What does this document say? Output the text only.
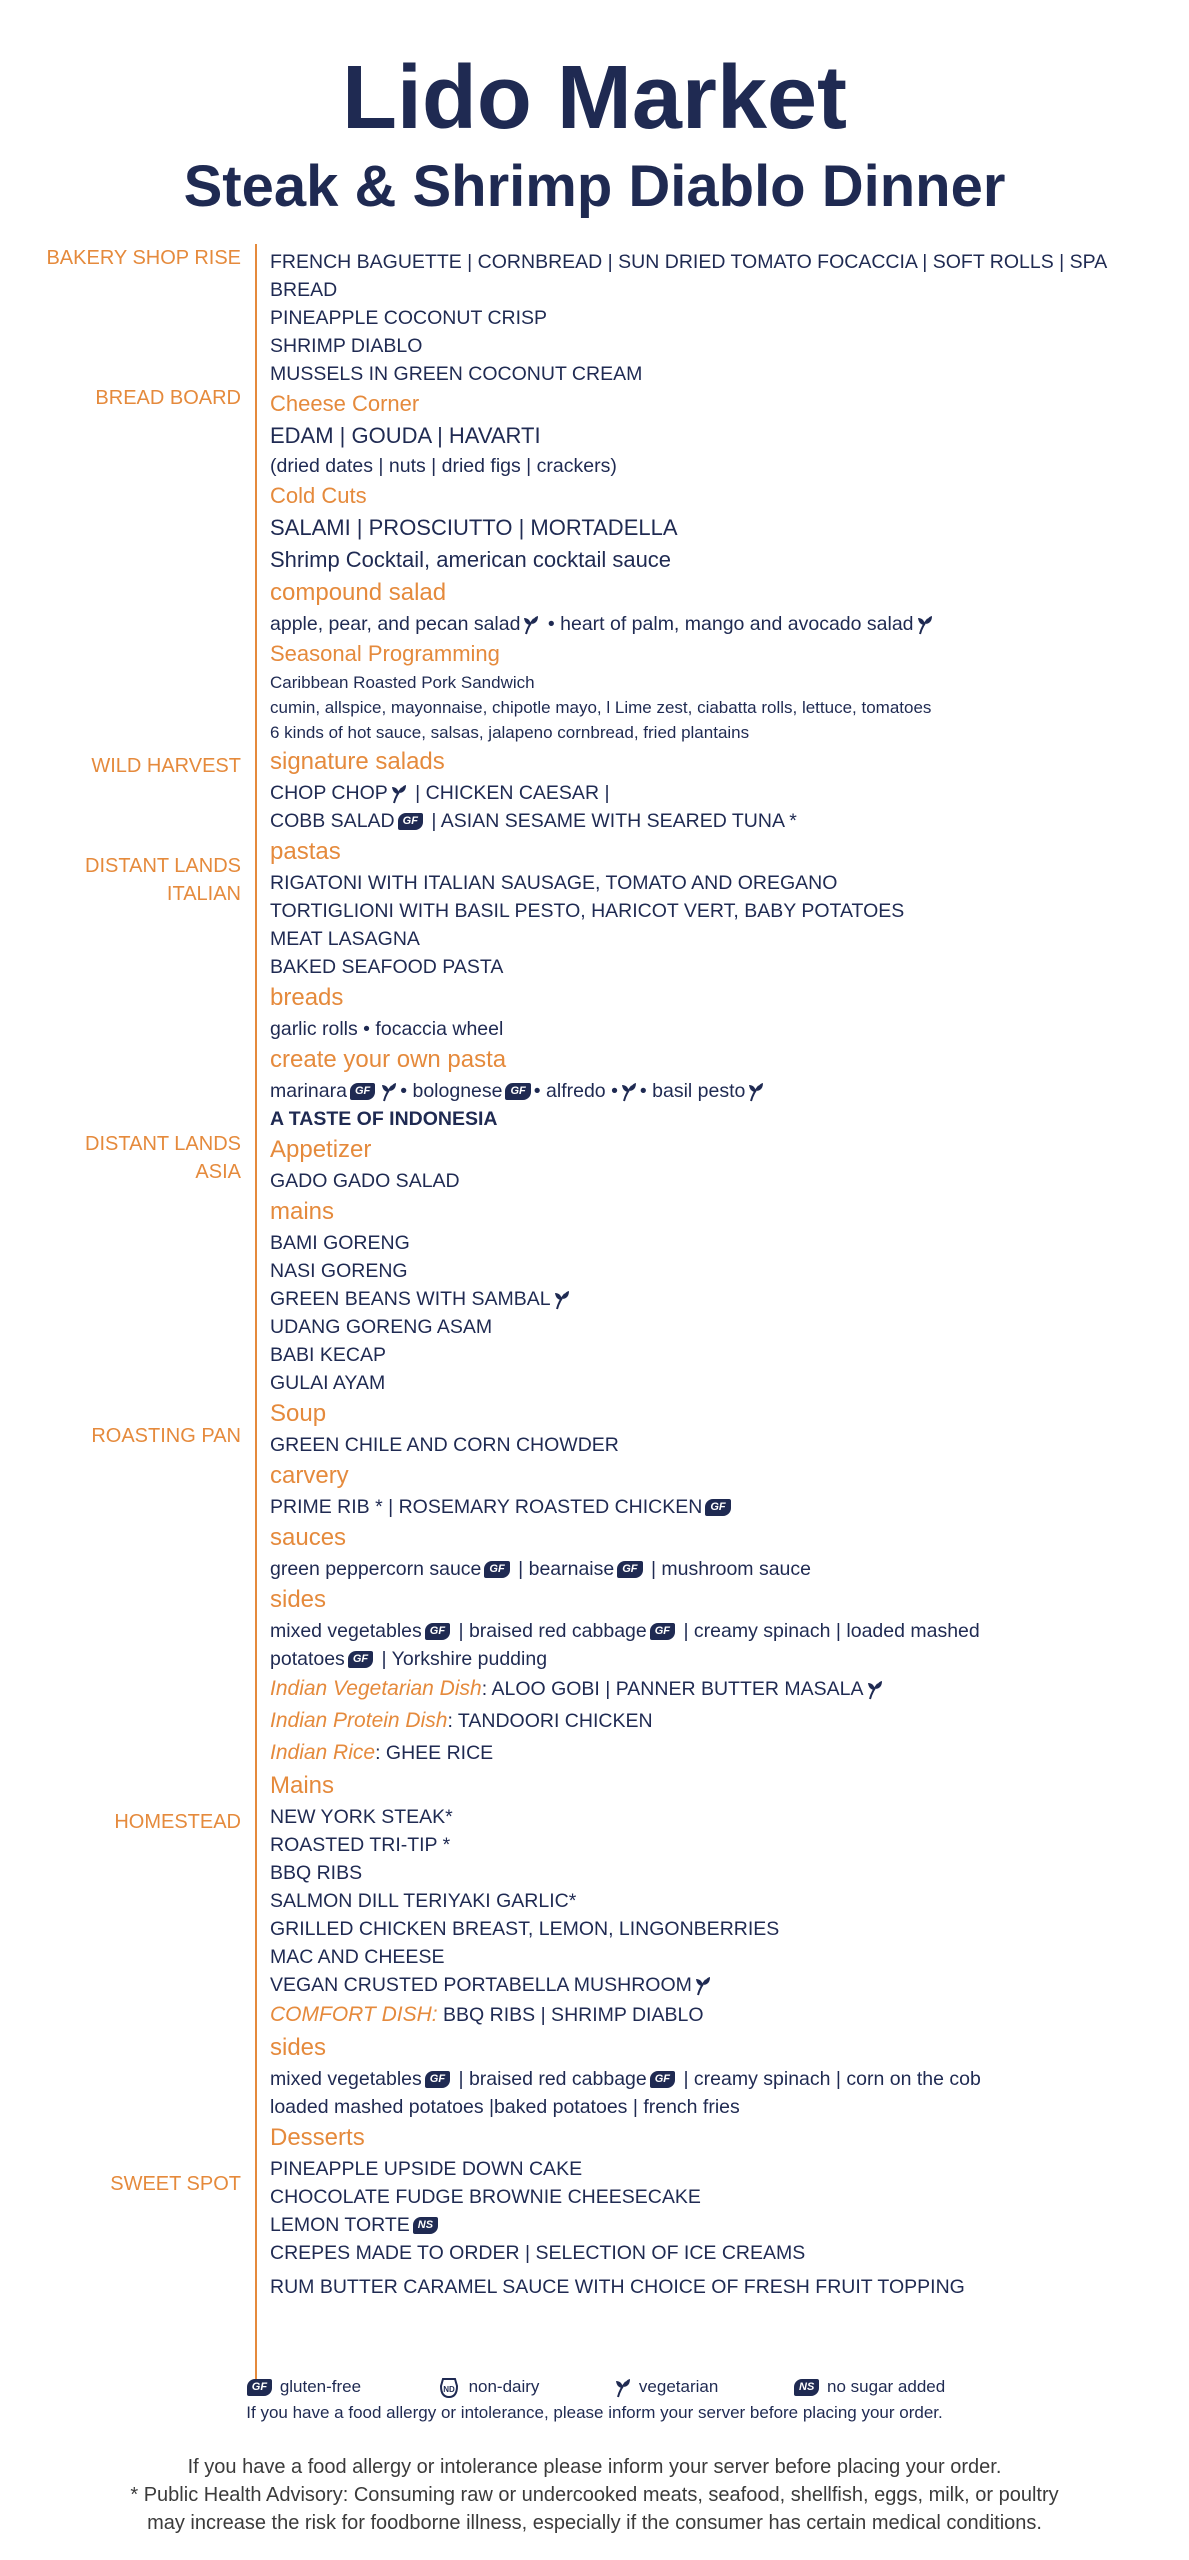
Lido Market
Steak & Shrimp Diablo Dinner
BAKERY SHOP RISE
BREAD BOARD
WILD HARVEST
DISTANT LANDS
ITALIAN
DISTANT LANDS
ASIA
ROASTING PAN
HOMESTEAD
SWEET SPOT
FRENCH BAGUETTE | CORNBREAD | SUN DRIED TOMATO FOCACCIA | SOFT ROLLS | SPA
BREAD
PINEAPPLE COCONUT CRISP
SHRIMP DIABLO
MUSSELS IN GREEN COCONUT CREAM
Cheese Corner
EDAM | GOUDA | HAVARTI
(dried dates | nuts | dried figs | crackers)
Cold Cuts
SALAMI | PROSCIUTTO | MORTADELLA
Shrimp Cocktail, american cocktail sauce
compound salad
apple, pear, and pecan salad • heart of palm, mango and avocado salad
Seasonal Programming
Caribbean Roasted Pork Sandwich
cumin, allspice, mayonnaise, chipotle mayo, l Lime zest, ciabatta rolls, lettuce, tomatoes
6 kinds of hot sauce, salsas, jalapeno cornbread, fried plantains
signature salads
CHOP CHOP | CHICKEN CAESAR |
COBB SALAD GF | ASIAN SESAME WITH SEARED TUNA *
pastas
RIGATONI WITH ITALIAN SAUSAGE, TOMATO AND OREGANO
TORTIGLIONI WITH BASIL PESTO, HARICOT VERT, BABY POTATOES
MEAT LASAGNA
BAKED SEAFOOD PASTA
breads
garlic rolls • focaccia wheel
create your own pasta
marinara GF • bolognese GF • alfredo • • basil pesto
A TASTE OF INDONESIA
Appetizer
GADO GADO SALAD
mains
BAMI GORENG
NASI GORENG
GREEN BEANS WITH SAMBAL
UDANG GORENG ASAM
BABI KECAP
GULAI AYAM
Soup
GREEN CHILE AND CORN CHOWDER
carvery
PRIME RIB * | ROSEMARY ROASTED CHICKEN GF
sauces
green peppercorn sauce GF | bearnaise GF | mushroom sauce
sides
mixed vegetables GF | braised red cabbage GF | creamy spinach | loaded mashed
potatoes GF | Yorkshire pudding
Indian Vegetarian Dish: ALOO GOBI | PANNER BUTTER MASALA
Indian Protein Dish: TANDOORI CHICKEN
Indian Rice: GHEE RICE
Mains
NEW YORK STEAK*
ROASTED TRI-TIP *
BBQ RIBS
SALMON DILL TERIYAKI GARLIC*
GRILLED CHICKEN BREAST, LEMON, LINGONBERRIES
MAC AND CHEESE
VEGAN CRUSTED PORTABELLA MUSHROOM
COMFORT DISH: BBQ RIBS | SHRIMP DIABLO
sides
mixed vegetables GF | braised red cabbage GF | creamy spinach | corn on the cob
loaded mashed potatoes |baked potatoes | french fries
Desserts
PINEAPPLE UPSIDE DOWN CAKE
CHOCOLATE FUDGE BROWNIE CHEESECAKE
LEMON TORTE NS
CREPES MADE TO ORDER | SELECTION OF ICE CREAMS
RUM BUTTER CARAMEL SAUCE WITH CHOICE OF FRESH FRUIT TOPPING
GF gluten-free	ND non-dairy	vegetarian	NS no sugar added
If you have a food allergy or intolerance, please inform your server before placing your order.
If you have a food allergy or intolerance please inform your server before placing your order.
* Public Health Advisory: Consuming raw or undercooked meats, seafood, shellfish, eggs, milk, or poultry
may increase the risk for foodborne illness, especially if the consumer has certain medical conditions.
